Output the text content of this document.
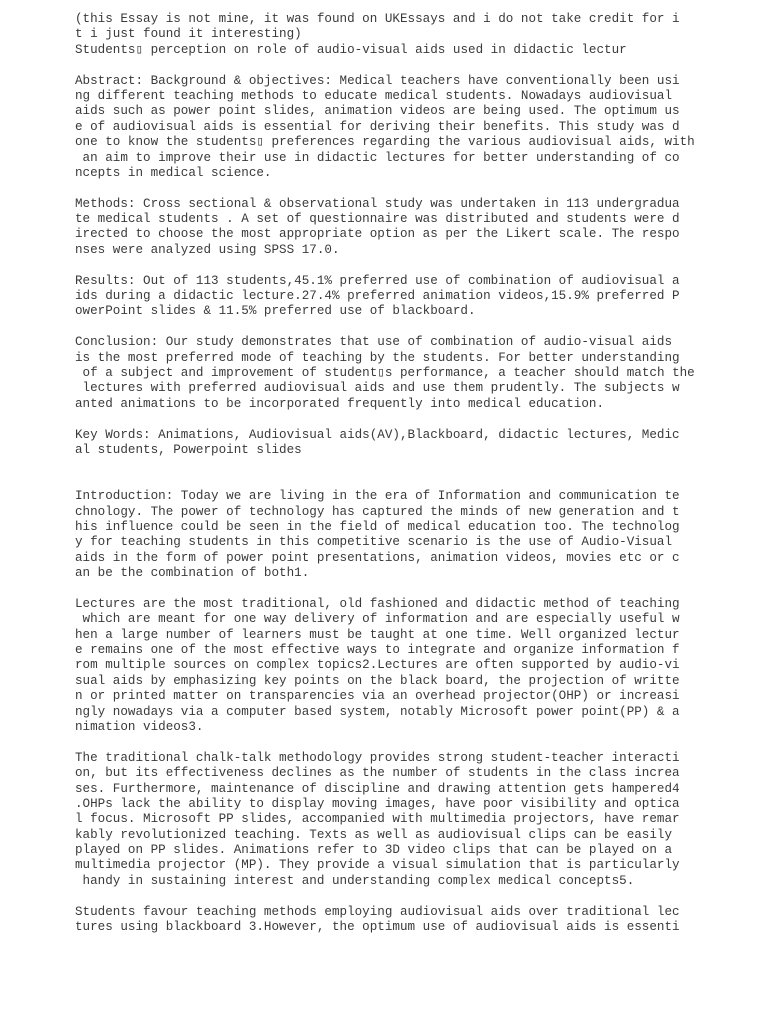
(this Essay is not mine, it was found on UKEssays and i do not take credit for i
t i just found it interesting)
Students▯ perception on role of audio-visual aids used in didactic lectur
Abstract: Background & objectives: Medical teachers have conventionally been usi
ng different teaching methods to educate medical students. Nowadays audiovisual
aids such as power point slides, animation videos are being used. The optimum us
e of audiovisual aids is essential for deriving their benefits. This study was d
one to know the students▯ preferences regarding the various audiovisual aids, with
an aim to improve their use in didactic lectures for better understanding of co
ncepts in medical science.
Methods: Cross sectional & observational study was undertaken in 113 undergradua
te medical students . A set of questionnaire was distributed and students were d
irected to choose the most appropriate option as per the Likert scale. The respo
nses were analyzed using SPSS 17.0.
Results: Out of 113 students,45.1% preferred use of combination of audiovisual a
ids during a didactic lecture.27.4% preferred animation videos,15.9% preferred P
owerPoint slides & 11.5% preferred use of blackboard.
Conclusion: Our study demonstrates that use of combination of audio-visual aids
is the most preferred mode of teaching by the students. For better understanding
of a subject and improvement of student▯s performance, a teacher should match the
lectures with preferred audiovisual aids and use them prudently. The subjects w
anted animations to be incorporated frequently into medical education.
Key Words: Animations, Audiovisual aids(AV),Blackboard, didactic lectures, Medic
al students, Powerpoint slides
Introduction: Today we are living in the era of Information and communication te
chnology. The power of technology has captured the minds of new generation and t
his influence could be seen in the field of medical education too. The technolog
y for teaching students in this competitive scenario is the use of Audio-Visual
aids in the form of power point presentations, animation videos, movies etc or c
an be the combination of both1.
Lectures are the most traditional, old fashioned and didactic method of teaching
which are meant for one way delivery of information and are especially useful w
hen a large number of learners must be taught at one time. Well organized lectur
e remains one of the most effective ways to integrate and organize information f
rom multiple sources on complex topics2.Lectures are often supported by audio-vi
sual aids by emphasizing key points on the black board, the projection of writte
n or printed matter on transparencies via an overhead projector(OHP) or increasi
ngly nowadays via a computer based system, notably Microsoft power point(PP) & a
nimation videos3.
The traditional chalk-talk methodology provides strong student-teacher interacti
on, but its effectiveness declines as the number of students in the class increa
ses. Furthermore, maintenance of discipline and drawing attention gets hampered4
.OHPs lack the ability to display moving images, have poor visibility and optica
l focus. Microsoft PP slides, accompanied with multimedia projectors, have remar
kably revolutionized teaching. Texts as well as audiovisual clips can be easily
played on PP slides. Animations refer to 3D video clips that can be played on a
multimedia projector (MP). They provide a visual simulation that is particularly
handy in sustaining interest and understanding complex medical concepts5.
Students favour teaching methods employing audiovisual aids over traditional lec
tures using blackboard 3.However, the optimum use of audiovisual aids is essenti
